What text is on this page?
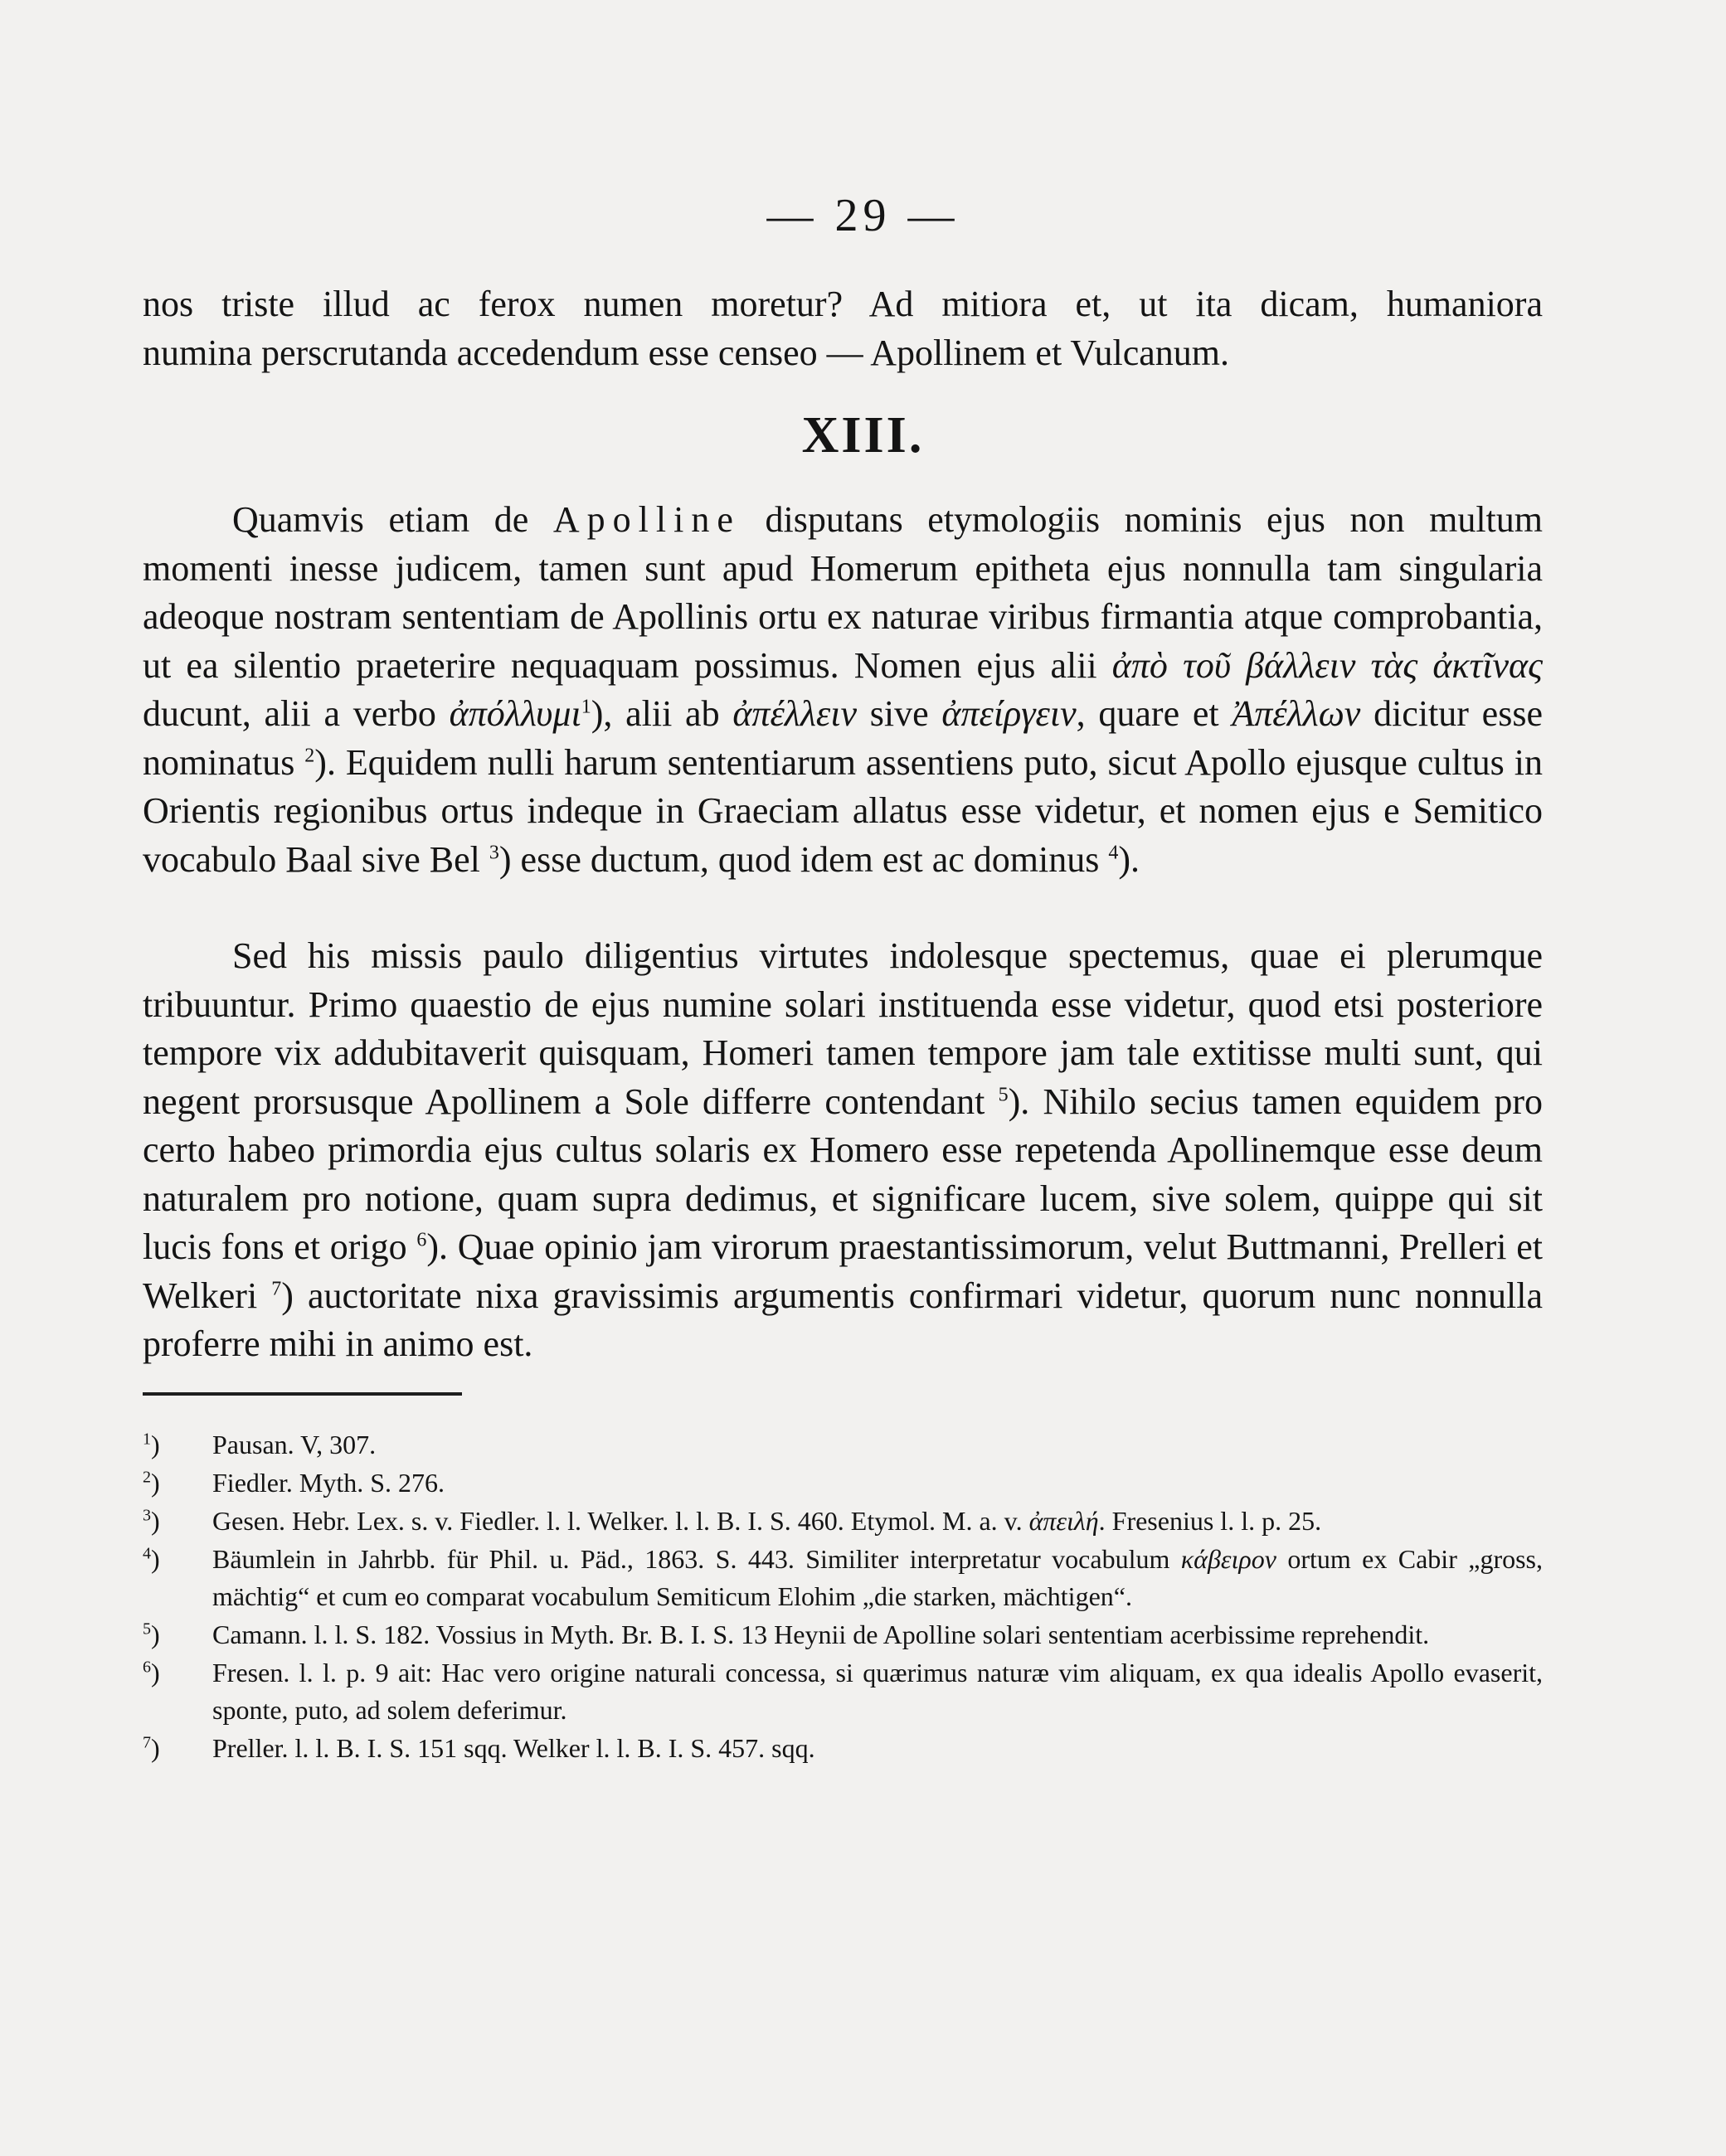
— 29 —

nos triste illud ac ferox numen moretur? Ad mitiora et, ut ita dicam, humaniora

numina perscrutanda accedendum esse censeo — Apollinem et Vulcanum.

XIII.

Quamvis etiam de Apolline disputans etymologiis nominis ejus non multum momenti inesse judicem, tamen sunt apud Homerum epitheta ejus nonnulla tam singularia adeoque nostram sententiam de Apollinis ortu ex naturae viribus firmantia atque comprobantia, ut ea silentio praeterire nequaquam possimus. Nomen ejus alii ἀπὸ τοῦ βάλλειν τὰς ἀκτῖνας ducunt, alii a verbo ἀπόλλυμι$^1$), alii ab ἀπέλλειν sive ἀπείργειν, quare et Ἀπέλλων dicitur esse nominatus $^2$). Equidem nulli harum sententiarum assentiens puto, sicut Apollo ejusque cultus in Orientis regionibus ortus indeque in Graeciam allatus esse videtur, et nomen ejus e Semitico vocabulo Baal sive Bel $^3$) esse ductum, quod idem est ac dominus $^4$).

Sed his missis paulo diligentius virtutes indolesque spectemus, quae ei plerumque tribuuntur. Primo quaestio de ejus numine solari instituenda esse videtur, quod etsi posteriore tempore vix addubitaverit quisquam, Homeri tamen tempore jam tale extitisse multi sunt, qui negent prorsusque Apollinem a Sole differre contendant $^5$). Nihilo secius tamen equidem pro certo habeo primordia ejus cultus solaris ex Homero esse repetenda Apollinemque esse deum naturalem pro notione, quam supra dedimus, et significare lucem, sive solem, quippe qui sit lucis fons et origo $^6$). Quae opinio jam virorum praestantissimorum, velut Buttmanni, Prelleri et Welkeri $^7$) auctoritate nixa gravissimis argumentis confirmari videtur, quorum nunc nonnulla proferre mihi in animo est.

$^1$)	Pausan. V, 307.
$^2$)	Fiedler. Myth. S. 276.
$^3$)	Gesen. Hebr. Lex. s. v. Fiedler. l. l. Welker. l. l. B. I. S. 460. Etymol. M. a. v. ἀπειλή. Fresenius l. l. p. 25.
$^4$)	Bäumlein in Jahrbb. für Phil. u. Päd., 1863. S. 443. Similiter interpretatur vocabulum κάβειρον ortum ex Cabir „gross, mächtig“ et cum eo comparat vocabulum Semiticum Elohim „die starken, mächtigen“.
$^5$)	Camann. l. l. S. 182. Vossius in Myth. Br. B. I. S. 13 Heynii de Apolline solari sententiam acerbissime reprehendit.
$^6$)	Fresen. l. l. p. 9 ait: Hac vero origine naturali concessa, si quærimus naturæ vim aliquam, ex qua idealis Apollo evaserit, sponte, puto, ad solem deferimur.
$^7$)	Preller. l. l. B. I. S. 151 sqq. Welker l. l. B. I. S. 457. sqq.
